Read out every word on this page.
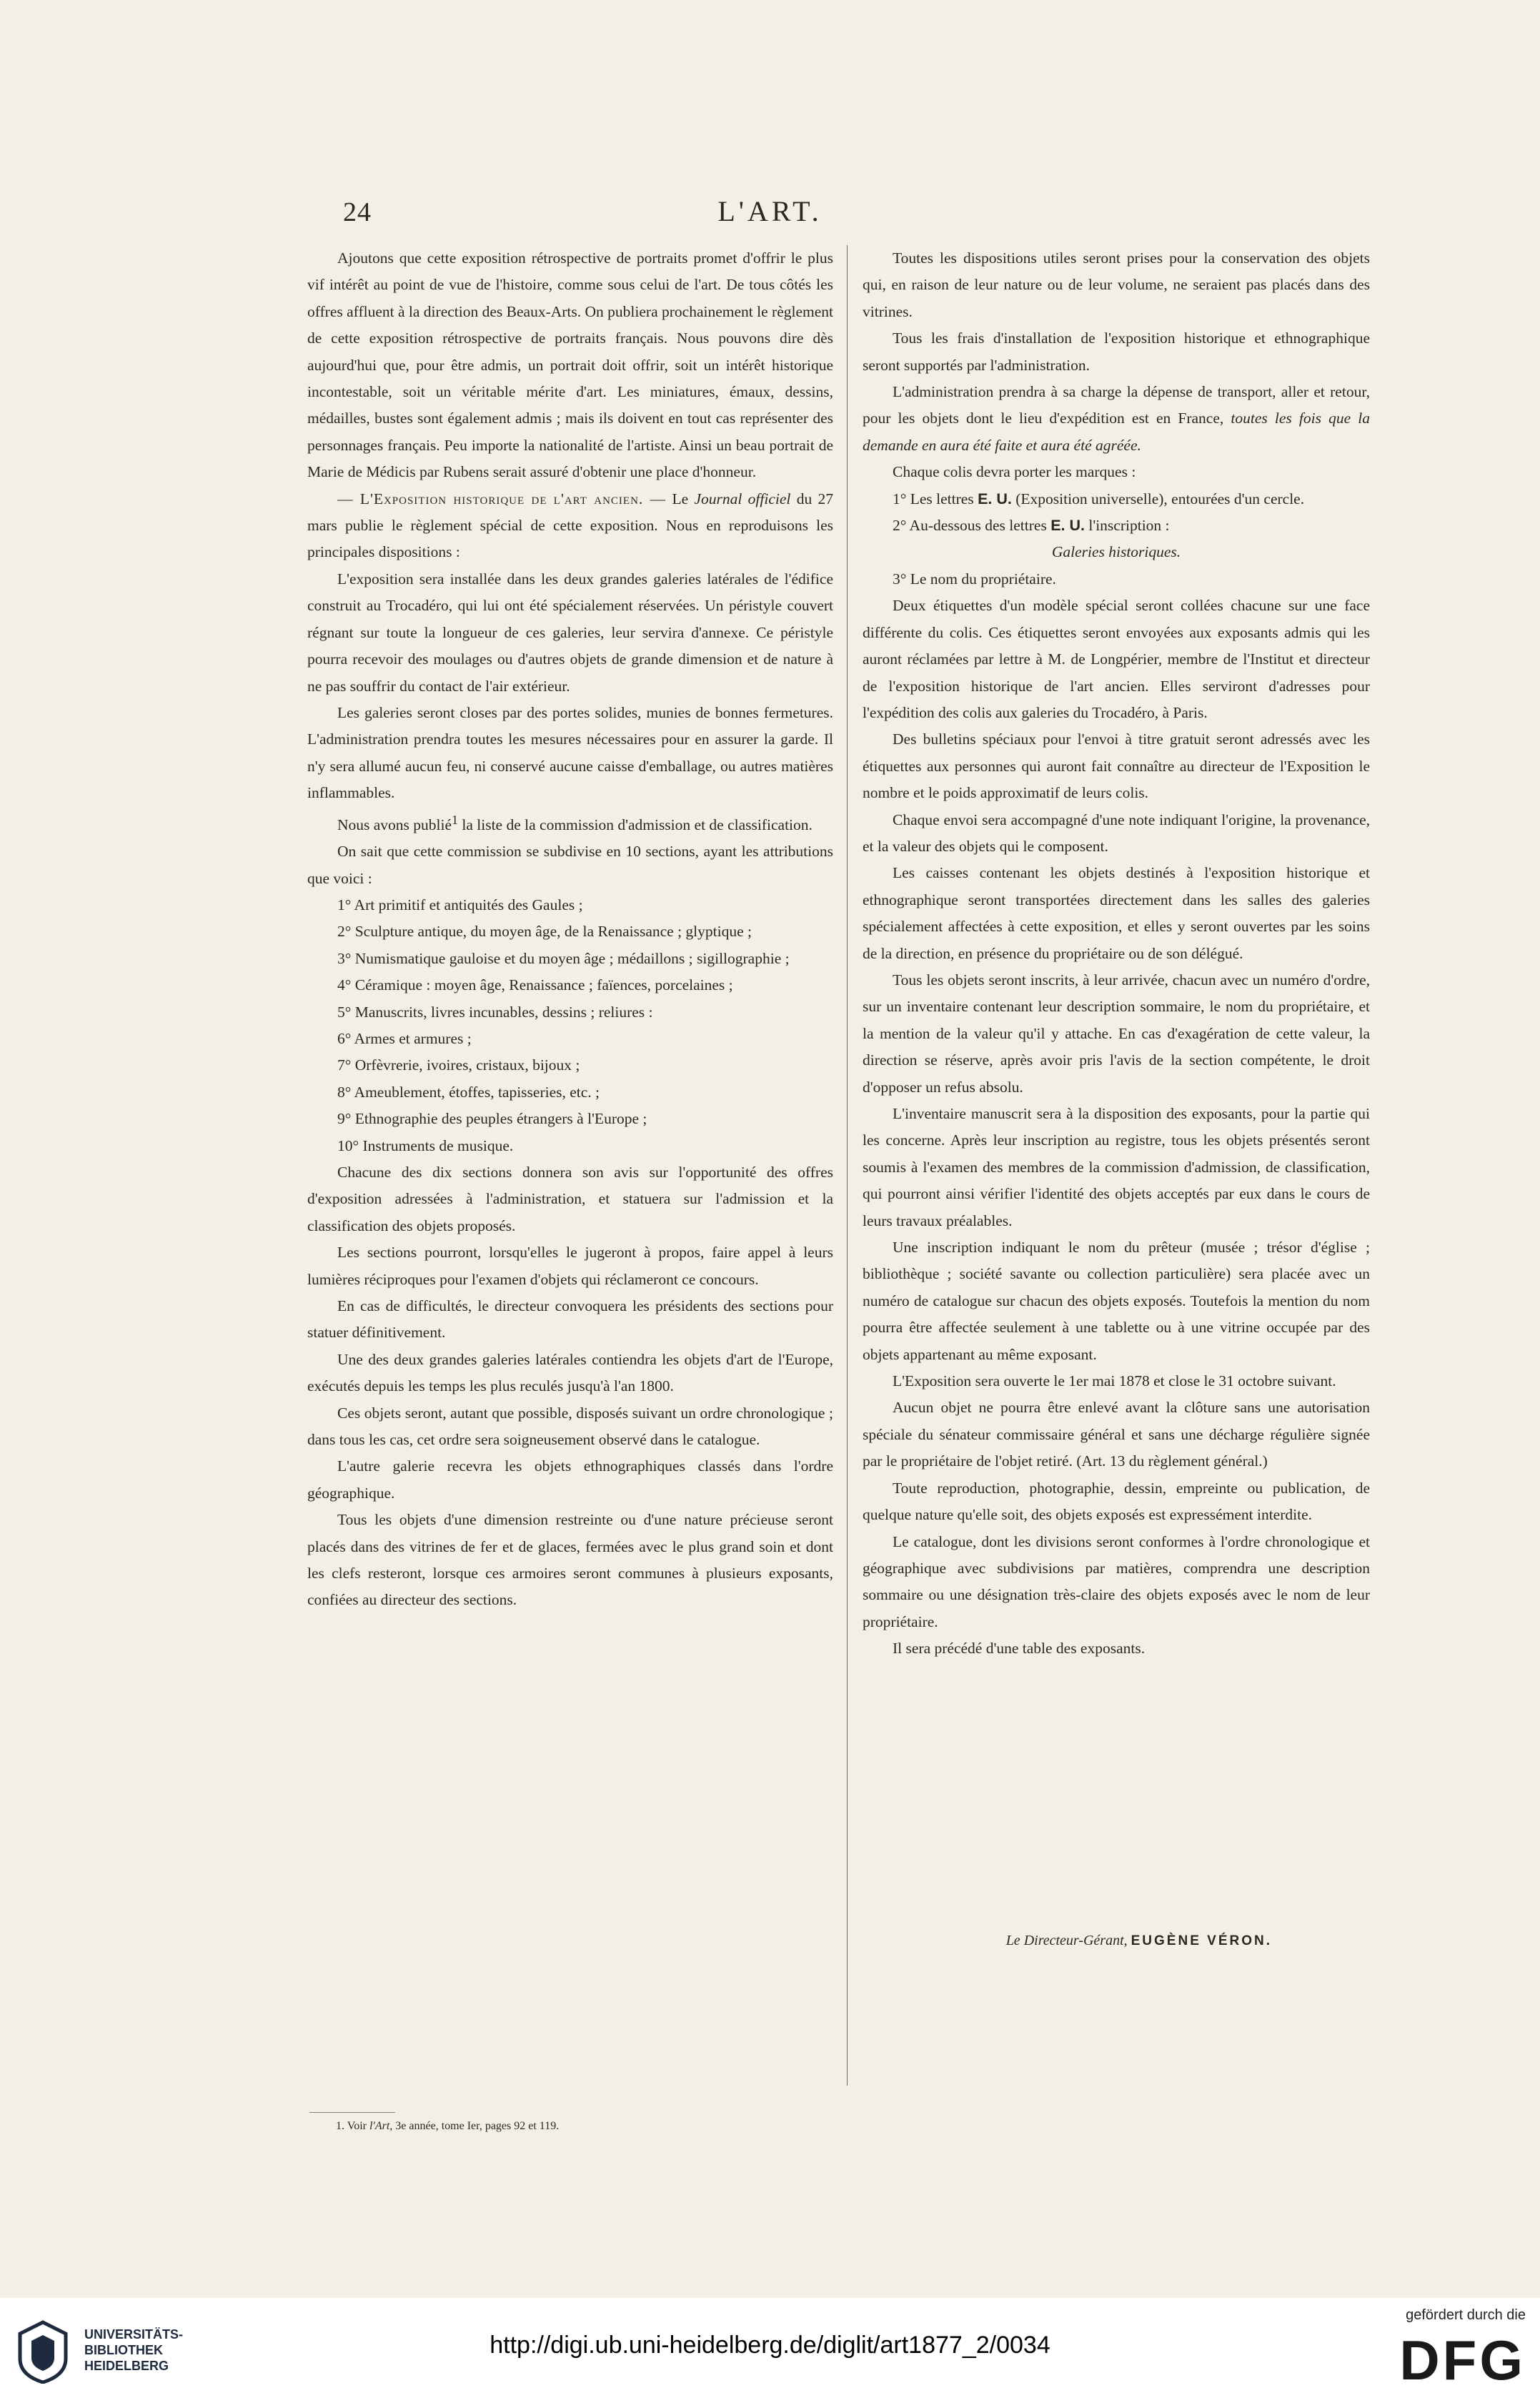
24	L'ART.

Ajoutons que cette exposition rétrospective de portraits promet d'offrir le plus vif intérêt au point de vue de l'histoire, comme sous celui de l'art. De tous côtés les offres affluent à la direction des Beaux-Arts. On publiera prochainement le règlement de cette exposition rétrospective de portraits français. Nous pouvons dire dès aujourd'hui que, pour être admis, un portrait doit offrir, soit un intérêt historique incontestable, soit un véritable mérite d'art. Les miniatures, émaux, dessins, médailles, bustes sont également admis ; mais ils doivent en tout cas représenter des personnages français. Peu importe la nationalité de l'artiste. Ainsi un beau portrait de Marie de Médicis par Rubens serait assuré d'obtenir une place d'honneur.

— L'Exposition historique de l'art ancien. — Le Journal officiel du 27 mars publie le règlement spécial de cette exposition. Nous en reproduisons les principales dispositions :

L'exposition sera installée dans les deux grandes galeries latérales de l'édifice construit au Trocadéro, qui lui ont été spécialement réservées. Un péristyle couvert régnant sur toute la longueur de ces galeries, leur servira d'annexe. Ce péristyle pourra recevoir des moulages ou d'autres objets de grande dimension et de nature à ne pas souffrir du contact de l'air extérieur.

Les galeries seront closes par des portes solides, munies de bonnes fermetures. L'administration prendra toutes les mesures nécessaires pour en assurer la garde. Il n'y sera allumé aucun feu, ni conservé aucune caisse d'emballage, ou autres matières inflammables.

Nous avons publié$^1$ la liste de la commission d'admission et de classification.

On sait que cette commission se subdivise en 10 sections, ayant les attributions que voici :

1° Art primitif et antiquités des Gaules ;

2° Sculpture antique, du moyen âge, de la Renaissance ; glyptique ;

3° Numismatique gauloise et du moyen âge ; médaillons ; sigillographie ;

4° Céramique : moyen âge, Renaissance ; faïences, porcelaines ;

5° Manuscrits, livres incunables, dessins ; reliures :

6° Armes et armures ;

7° Orfèvrerie, ivoires, cristaux, bijoux ;

8° Ameublement, étoffes, tapisseries, etc. ;

9° Ethnographie des peuples étrangers à l'Europe ;

10° Instruments de musique.

Chacune des dix sections donnera son avis sur l'opportunité des offres d'exposition adressées à l'administration, et statuera sur l'admission et la classification des objets proposés.

Les sections pourront, lorsqu'elles le jugeront à propos, faire appel à leurs lumières réciproques pour l'examen d'objets qui réclameront ce concours.

En cas de difficultés, le directeur convoquera les présidents des sections pour statuer définitivement.

Une des deux grandes galeries latérales contiendra les objets d'art de l'Europe, exécutés depuis les temps les plus reculés jusqu'à l'an 1800.

Ces objets seront, autant que possible, disposés suivant un ordre chronologique ; dans tous les cas, cet ordre sera soigneusement observé dans le catalogue.

L'autre galerie recevra les objets ethnographiques classés dans l'ordre géographique.

Tous les objets d'une dimension restreinte ou d'une nature précieuse seront placés dans des vitrines de fer et de glaces, fermées avec le plus grand soin et dont les clefs resteront, lorsque ces armoires seront communes à plusieurs exposants, confiées au directeur des sections.

Toutes les dispositions utiles seront prises pour la conservation des objets qui, en raison de leur nature ou de leur volume, ne seraient pas placés dans des vitrines.

Tous les frais d'installation de l'exposition historique et ethnographique seront supportés par l'administration.

L'administration prendra à sa charge la dépense de transport, aller et retour, pour les objets dont le lieu d'expédition est en France, toutes les fois que la demande en aura été faite et aura été agréée.

Chaque colis devra porter les marques :

1° Les lettres E. U. (Exposition universelle), entourées d'un cercle.

2° Au-dessous des lettres E. U. l'inscription :

Galeries historiques.

3° Le nom du propriétaire.

Deux étiquettes d'un modèle spécial seront collées chacune sur une face différente du colis. Ces étiquettes seront envoyées aux exposants admis qui les auront réclamées par lettre à M. de Longpérier, membre de l'Institut et directeur de l'exposition historique de l'art ancien. Elles serviront d'adresses pour l'expédition des colis aux galeries du Trocadéro, à Paris.

Des bulletins spéciaux pour l'envoi à titre gratuit seront adressés avec les étiquettes aux personnes qui auront fait connaître au directeur de l'Exposition le nombre et le poids approximatif de leurs colis.

Chaque envoi sera accompagné d'une note indiquant l'origine, la provenance, et la valeur des objets qui le composent.

Les caisses contenant les objets destinés à l'exposition historique et ethnographique seront transportées directement dans les salles des galeries spécialement affectées à cette exposition, et elles y seront ouvertes par les soins de la direction, en présence du propriétaire ou de son délégué.

Tous les objets seront inscrits, à leur arrivée, chacun avec un numéro d'ordre, sur un inventaire contenant leur description sommaire, le nom du propriétaire, et la mention de la valeur qu'il y attache. En cas d'exagération de cette valeur, la direction se réserve, après avoir pris l'avis de la section compétente, le droit d'opposer un refus absolu.

L'inventaire manuscrit sera à la disposition des exposants, pour la partie qui les concerne. Après leur inscription au registre, tous les objets présentés seront soumis à l'examen des membres de la commission d'admission, de classification, qui pourront ainsi vérifier l'identité des objets acceptés par eux dans le cours de leurs travaux préalables.

Une inscription indiquant le nom du prêteur (musée ; trésor d'église ; bibliothèque ; société savante ou collection particulière) sera placée avec un numéro de catalogue sur chacun des objets exposés. Toutefois la mention du nom pourra être affectée seulement à une tablette ou à une vitrine occupée par des objets appartenant au même exposant.

L'Exposition sera ouverte le 1er mai 1878 et close le 31 octobre suivant.

Aucun objet ne pourra être enlevé avant la clôture sans une autorisation spéciale du sénateur commissaire général et sans une décharge régulière signée par le propriétaire de l'objet retiré. (Art. 13 du règlement général.)

Toute reproduction, photographie, dessin, empreinte ou publication, de quelque nature qu'elle soit, des objets exposés est expressément interdite.

Le catalogue, dont les divisions seront conformes à l'ordre chronologique et géographique avec subdivisions par matières, comprendra une description sommaire ou une désignation très-claire des objets exposés avec le nom de leur propriétaire.

Il sera précédé d'une table des exposants.

Le Directeur-Gérant, EUGÈNE VÉRON.
1. Voir l'Art, 3e année, tome Ier, pages 92 et 119.
UNIVERSITÄTS-
BIBLIOTHEK
HEIDELBERG
http://digi.ub.uni-heidelberg.de/diglit/art1877_2/0034
gefördert durch die
DFG
